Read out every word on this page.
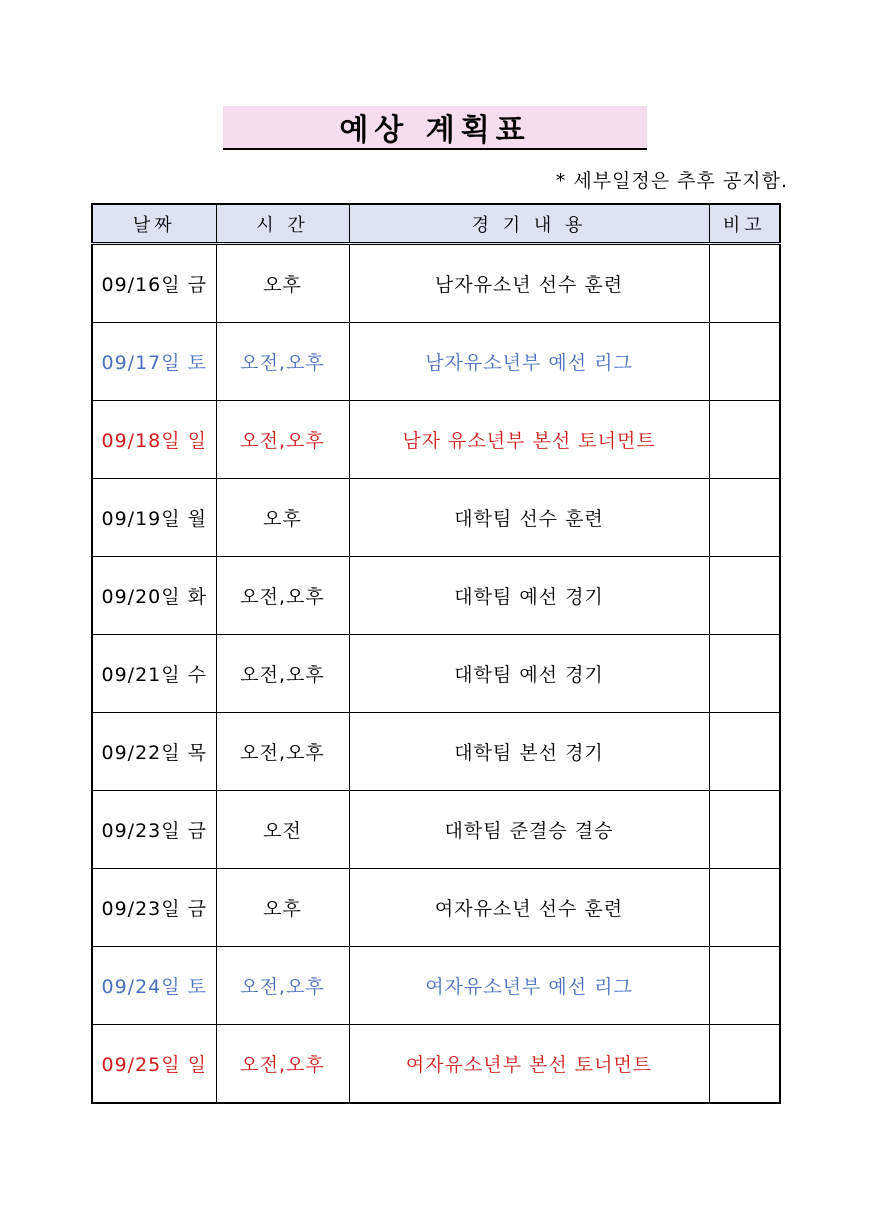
예상 계획표
* 세부일정은 추후 공지함.
날짜	시 간	경 기 내 용	비고
09/16일 금	오후	남자유소년 선수 훈련	
09/17일 토	오전,오후	남자유소년부 예선 리그	
09/18일 일	오전,오후	남자 유소년부 본선 토너먼트	
09/19일 월	오후	대학팀 선수 훈련	
09/20일 화	오전,오후	대학팀 예선 경기	
09/21일 수	오전,오후	대학팀 예선 경기	
09/22일 목	오전,오후	대학팀 본선 경기	
09/23일 금	오전	대학팀 준결승 결승	
09/23일 금	오후	여자유소년 선수 훈련	
09/24일 토	오전,오후	여자유소년부 예선 리그	
09/25일 일	오전,오후	여자유소년부 본선 토너먼트	
